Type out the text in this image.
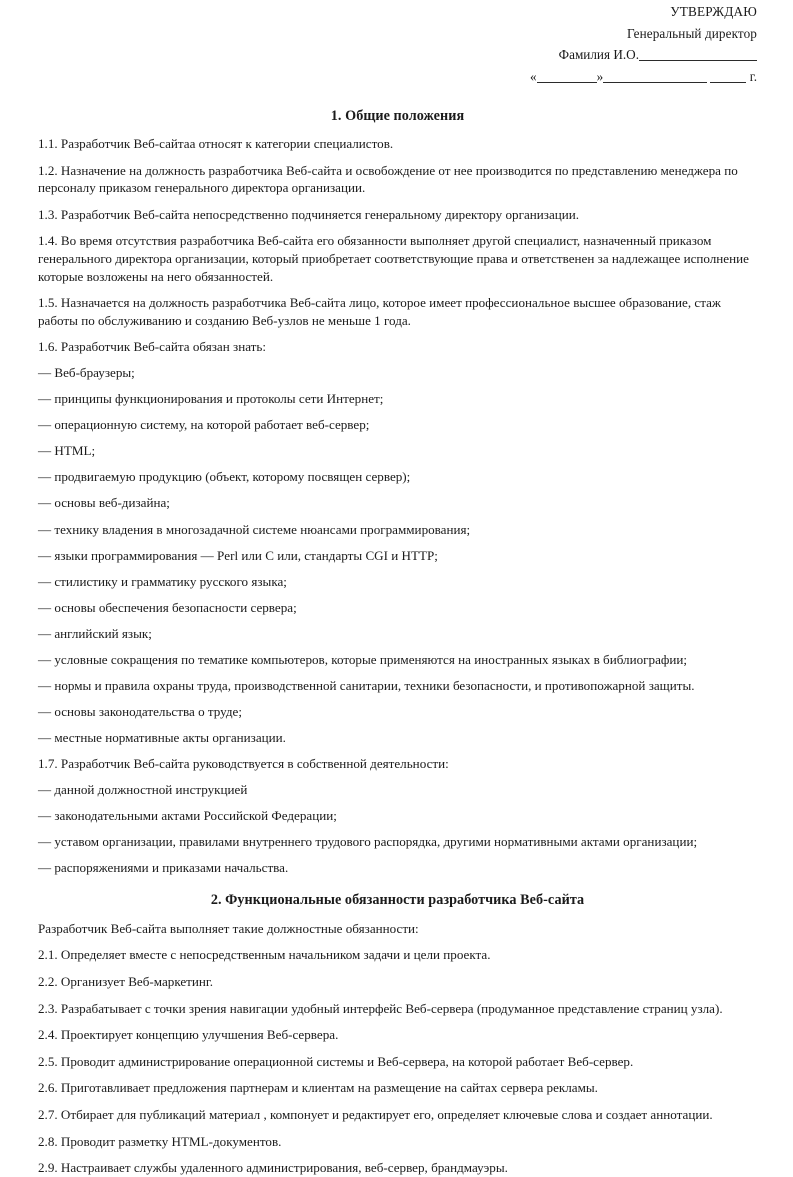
УТВЕРЖДАЮ
Генеральный директор
Фамилия И.О.
«	»	г.
1. Общие положения

1.1. Разработчик Веб-сайтаа относят к категории специалистов.

1.2. Назначение на должность разработчика Веб-сайта и освобождение от нее производится по представлению менеджера по персоналу приказом генерального директора организации.

1.3. Разработчик Веб-сайта непосредственно подчиняется генеральному директору организации.

1.4. Во время отсутствия разработчика Веб-сайта его обязанности выполняет другой специалист, назначенный приказом генерального директора организации, который приобретает соответствующие права и ответственен за надлежащее исполнение которые возложены на него обязанностей.

1.5. Назначается на должность разработчика Веб-сайта лицо, которое имеет профессиональное высшее образование, стаж работы по обслуживанию и созданию Веб-узлов не меньше 1 года.

1.6. Разработчик Веб-сайта обязан знать:

— Веб-браузеры;

— принципы функционирования и протоколы сети Интернет;

— операционную систему, на которой работает веб-сервер;

— HTML;

— продвигаемую продукцию (объект, которому посвящен сервер);

— основы веб-дизайна;

— технику владения в многозадачной системе нюансами программирования;

— языки программирования — Perl или C или, стандарты CGI и HTTP;

— стилистику и грамматику русского языка;

— основы обеспечения безопасности сервера;

— английский язык;

— условные сокращения по тематике компьютеров, которые применяются на иностранных языках в библиографии;

— нормы и правила охраны труда, производственной санитарии, техники безопасности, и противопожарной защиты.

— основы законодательства о труде;

— местные нормативные акты организации.

1.7. Разработчик Веб-сайта руководствуется в собственной деятельности:

— данной должностной инструкцией

— законодательными актами Российской Федерации;

— уставом организации, правилами внутреннего трудового распорядка, другими нормативными актами организации;

— распоряжениями и приказами начальства.

2. Функциональные обязанности разработчика Веб-сайта

Разработчик Веб-сайта выполняет такие должностные обязанности:

2.1. Определяет вместе с непосредственным начальником задачи и цели проекта.

2.2. Организует Веб-маркетинг.

2.3. Разрабатывает с точки зрения навигации удобный интерфейс Веб-сервера (продуманное представление страниц узла).

2.4. Проектирует концепцию улучшения Веб-сервера.

2.5. Проводит администрирование операционной системы и Веб-сервера, на которой работает Веб-сервер.

2.6. Приготавливает предложения партнерам и клиентам на размещение на сайтах сервера рекламы.

2.7. Отбирает для публикаций материал , компонует и редактирует его, определяет ключевые слова и создает аннотации.

2.8. Проводит разметку HTML-документов.

2.9. Настраивает службы удаленного администрирования, веб-сервер, брандмауэры.
